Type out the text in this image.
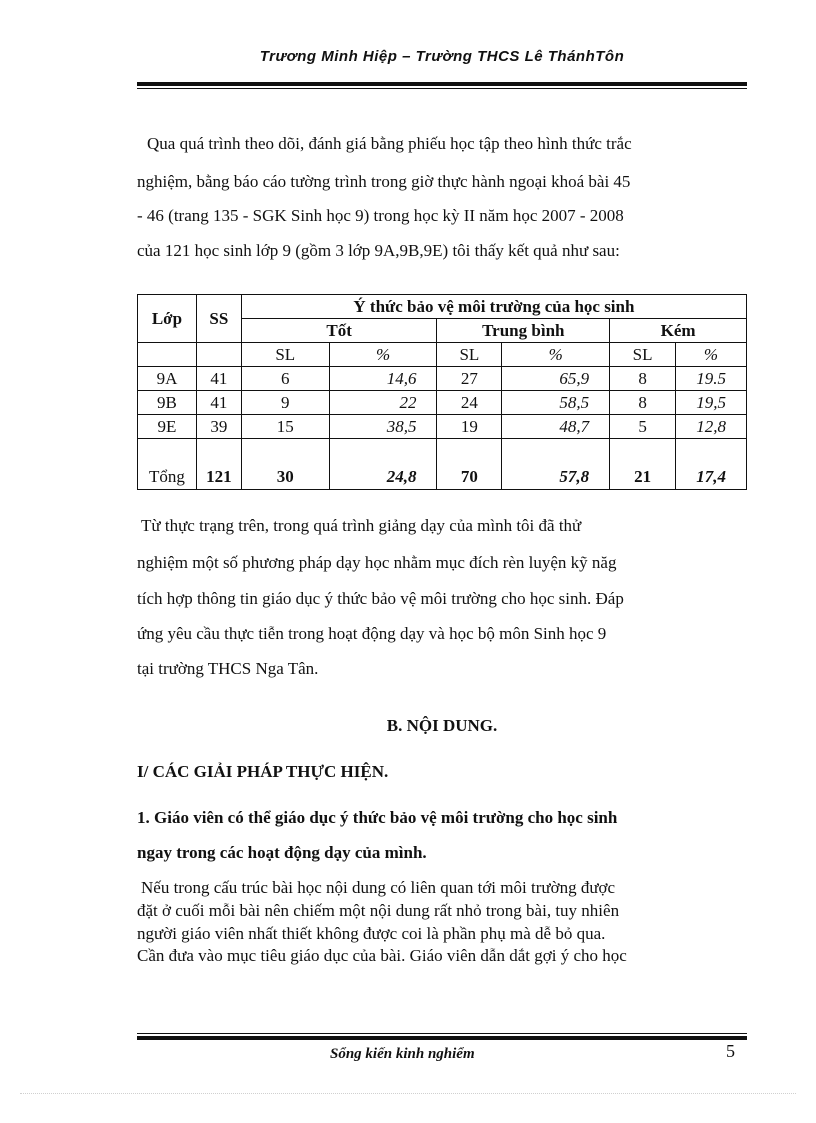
Trương Minh Hiệp – Trường THCS Lê ThánhTôn
Qua quá trình theo dõi, đánh giá bằng phiếu học tập theo hình thức trắc
nghiệm, bằng báo cáo tường trình trong giờ thực hành ngoại khoá bài 45
- 46 (trang 135 - SGK Sinh học 9) trong học kỳ II năm học 2007 - 2008
của 121 học sinh lớp 9 (gồm 3 lớp 9A,9B,9E) tôi thấy kết quả như sau:
Lớp	SS	Ý thức bảo vệ môi trường của học sinh					
		Tốt		Trung bình		Kém	
		SL	%	SL	%	SL	%
9A	41	6	14,6	27	65,9	8	19.5
9B	41	9	22	24	58,5	8	19,5
9E	39	15	38,5	19	48,7	5	12,8
Tổng	121	30	24,8	70	57,8	21	17,4
Từ thực trạng trên, trong quá trình giảng dạy của mình tôi đã thử
nghiệm một số phương pháp dạy học nhằm mục đích rèn luyện kỹ năg
tích hợp thông tin giáo dục ý thức bảo vệ môi trường cho học sinh. Đáp
ứng yêu cầu thực tiễn trong hoạt động dạy và học bộ môn Sinh học 9
tại trường THCS Nga Tân.
B. NỘI DUNG.
I/ CÁC GIẢI PHÁP THỰC HIỆN.
1. Giáo viên có thể giáo dục ý thức bảo vệ môi trường cho học sinh
ngay trong các hoạt động dạy của mình.
Nếu trong cấu trúc bài học nội dung có liên quan tới môi trường được
đặt ở cuối mỗi bài nên chiếm một nội dung rất nhỏ trong bài, tuy nhiên
người giáo viên nhất thiết không được coi là phần phụ mà dễ bỏ qua.
Cần đưa vào mục tiêu giáo dục của bài. Giáo viên dẫn dắt gợi ý cho học
Sổng kiến kinh nghiểm	5
